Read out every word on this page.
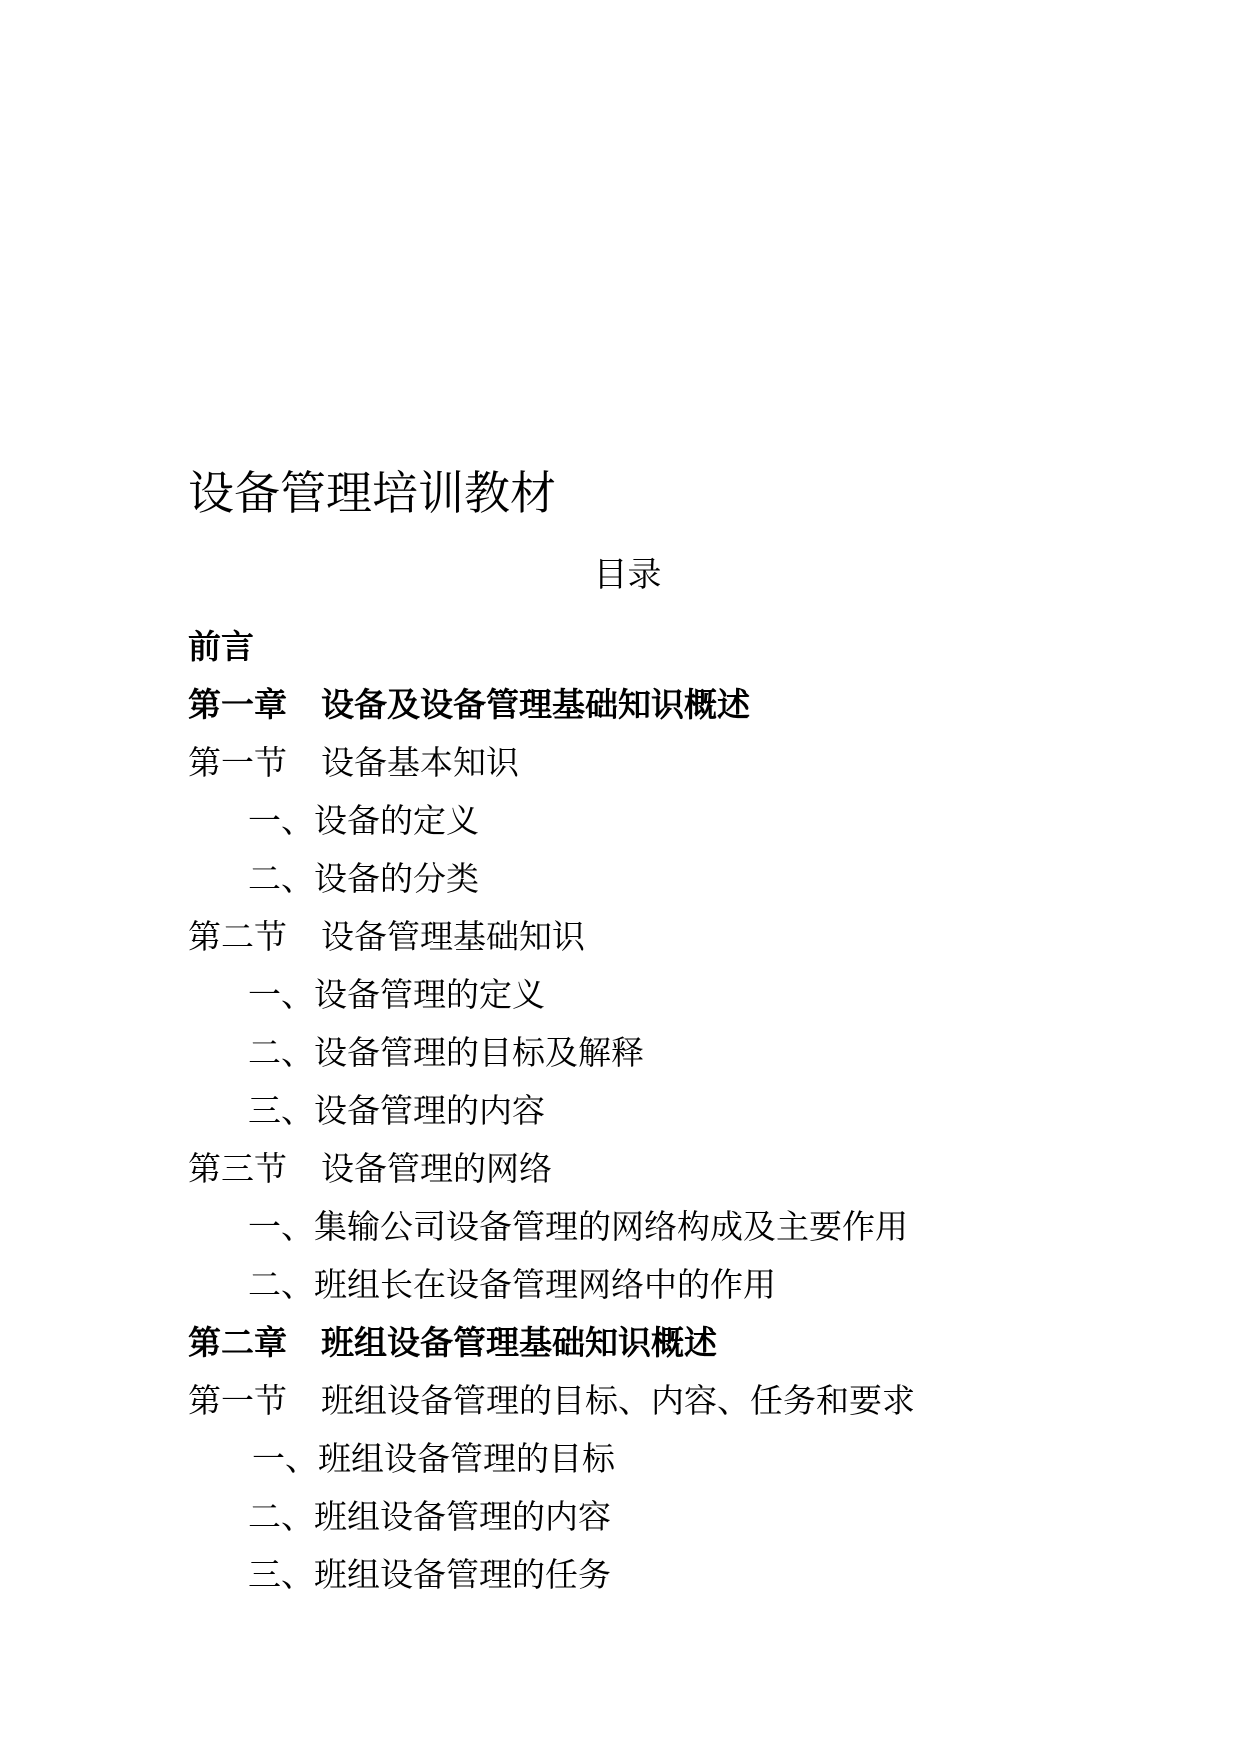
设备管理培训教材
目录
前言
第一章 设备及设备管理基础知识概述
第一节 设备基本知识
一、设备的定义
二、设备的分类
第二节 设备管理基础知识
一、设备管理的定义
二、设备管理的目标及解释
三、设备管理的内容
第三节 设备管理的网络
一、集输公司设备管理的网络构成及主要作用
二、班组长在设备管理网络中的作用
第二章 班组设备管理基础知识概述
第一节 班组设备管理的目标、内容、任务和要求
一、班组设备管理的目标
二、班组设备管理的内容
三、班组设备管理的任务
